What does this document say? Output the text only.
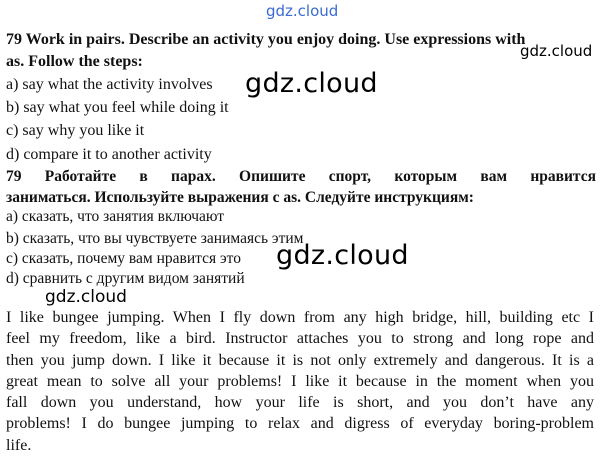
79 Work in pairs. Describe an activity you enjoy doing. Use expressions with
as. Follow the steps:
a) say what the activity involves
b) say what you feel while doing it
c) say why you like it
d) compare it to another activity
79 Работайте в парах. Опишите спорт, которым вам нравится
заниматься. Используйте выражения с as. Следуйте инструкциям:
a) сказать, что занятия включают
b) сказать, что вы чувствуете занимаясь этим
c) сказать, почему вам нравится это
d) сравнить с другим видом занятий
I like bungee jumping. When I fly down from any high bridge, hill, building etc I
feel my freedom, like a bird. Instructor attaches you to strong and long rope and
then you jump down. I like it because it is not only extremely and dangerous. It is a
great mean to solve all your problems! I like it because in the moment when you
fall down you understand, how your life is short, and you don’t have any
problems! I do bungee jumping to relax and digress of everyday boring-problem
life.
gdz.cloud
gdz.cloud
gdz.cloud
gdz.cloud
gdz.cloud
